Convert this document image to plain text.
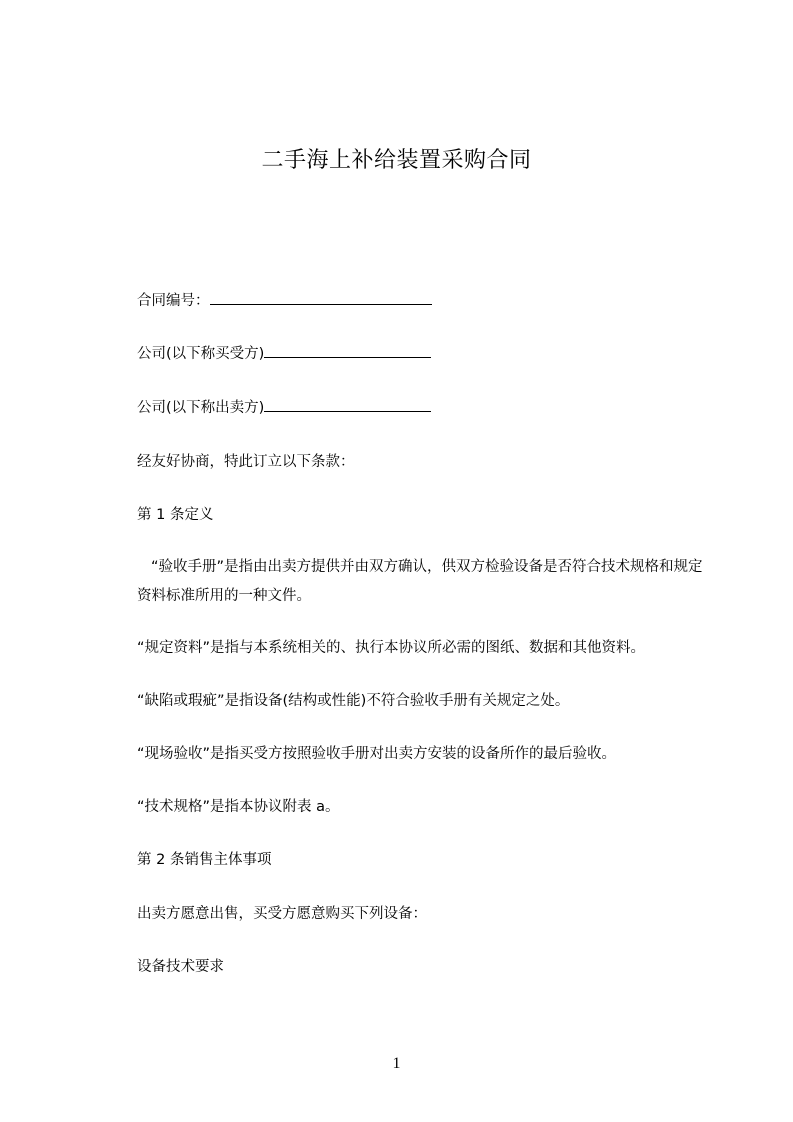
二手海上补给装置采购合同
合同编号：
公司(以下称买受方)
公司(以下称出卖方)
经友好协商，特此订立以下条款：
第 1 条定义
“验收手册”是指由出卖方提供并由双方确认，供双方检验设备是否符合技术规格和规定资料标准所用的一种文件。
“规定资料”是指与本系统相关的、执行本协议所必需的图纸、数据和其他资料。
“缺陷或瑕疵”是指设备(结构或性能)不符合验收手册有关规定之处。
“现场验收”是指买受方按照验收手册对出卖方安装的设备所作的最后验收。
“技术规格”是指本协议附表 a。
第 2 条销售主体事项
出卖方愿意出售，买受方愿意购买下列设备：
设备技术要求
1
